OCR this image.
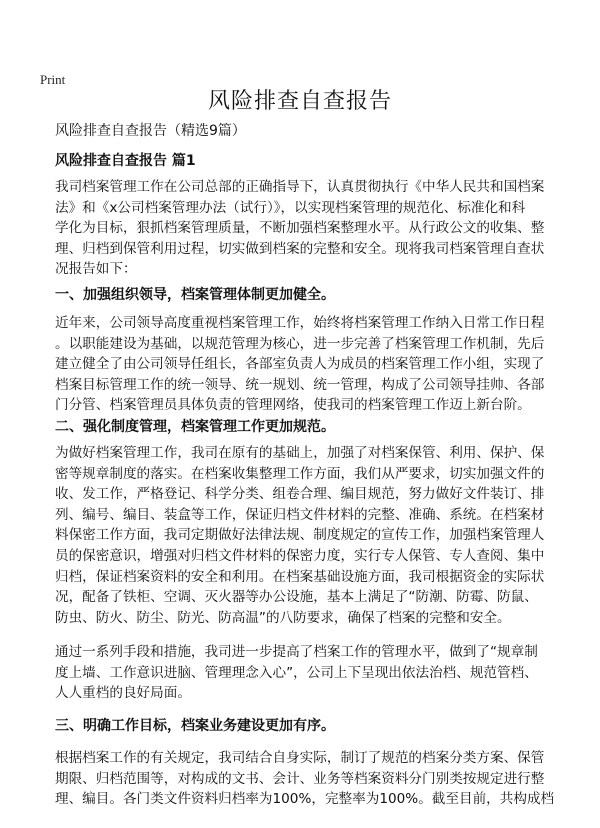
Print
风险排查自查报告
风险排查自查报告（精选9篇）
风险排查自查报告 篇1
我司档案管理工作在公司总部的正确指导下，认真贯彻执行《中华人民共和国档案
法》和《x公司档案管理办法（试行）》，以实现档案管理的规范化、标准化和科
学化为目标，狠抓档案管理质量，不断加强档案整理水平。从行政公文的收集、整
理、归档到保管利用过程，切实做到档案的完整和安全。现将我司档案管理自查状
况报告如下：
一、加强组织领导，档案管理体制更加健全。
近年来，公司领导高度重视档案管理工作，始终将档案管理工作纳入日常工作日程
。以职能建设为基础，以规范管理为核心，进一步完善了档案管理工作机制，先后
建立健全了由公司领导任组长，各部室负责人为成员的档案管理工作小组，实现了
档案目标管理工作的统一领导、统一规划、统一管理，构成了公司领导挂帅、各部
门分管、档案管理员具体负责的管理网络，使我司的档案管理工作迈上新台阶。
二、强化制度管理，档案管理工作更加规范。
为做好档案管理工作，我司在原有的基础上，加强了对档案保管、利用、保护、保
密等规章制度的落实。在档案收集整理工作方面，我们从严要求，切实加强文件的
收、发工作，严格登记、科学分类、组卷合理、编目规范，努力做好文件装订、排
列、编号、编目、装盒等工作，保证归档文件材料的完整、准确、系统。在档案材
料保密工作方面，我司定期做好法律法规、制度规定的宣传工作，加强档案管理人
员的保密意识，增强对归档文件材料的保密力度，实行专人保管、专人查阅、集中
归档，保证档案资料的安全和利用。在档案基础设施方面，我司根据资金的实际状
况，配备了铁柜、空调、灭火器等办公设施，基本上满足了“防潮、防霉、防鼠、
防虫、防火、防尘、防光、防高温”的八防要求，确保了档案的完整和安全。
通过一系列手段和措施，我司进一步提高了档案工作的管理水平，做到了“规章制
度上墙、工作意识进脑、管理理念入心”，公司上下呈现出依法治档、规范管档、
人人重档的良好局面。
三、明确工作目标，档案业务建设更加有序。
根据档案工作的有关规定，我司结合自身实际，制订了规范的档案分类方案、保管
期限、归档范围等，对构成的文书、会计、业务等档案资料分门别类按规定进行整
理、编目。各门类文件资料归档率为100%，完整率为100%。截至目前，共构成档
